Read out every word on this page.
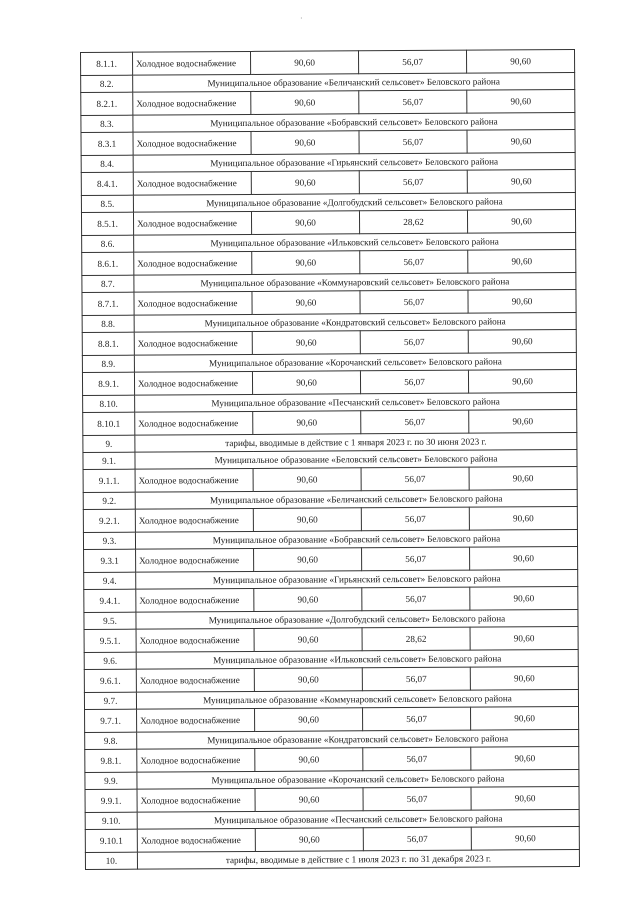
·
8.1.1.	Холодное водоснабжение	90,60	56,07	90,60
8.2.	Муниципальное образование «Беличанский сельсовет» Беловского района			
8.2.1.	Холодное водоснабжение	90,60	56,07	90,60
8.3.	Муниципальное образование «Бобравский сельсовет» Беловского района			
8.3.1	Холодное водоснабжение	90,60	56,07	90,60
8.4.	Муниципальное образование «Гирьянский сельсовет» Беловского района			
8.4.1.	Холодное водоснабжение	90,60	56,07	90,60
8.5.	Муниципальное образование «Долгобудский сельсовет» Беловского района			
8.5.1.	Холодное водоснабжение	90,60	28,62	90,60
8.6.	Муниципальное образование «Ильковский сельсовет» Беловского района			
8.6.1.	Холодное водоснабжение	90,60	56,07	90,60
8.7.	Муниципальное образование «Коммунаровский сельсовет» Беловского района			
8.7.1.	Холодное водоснабжение	90,60	56,07	90,60
8.8.	Муниципальное образование «Кондратовский сельсовет» Беловского района			
8.8.1.	Холодное водоснабжение	90,60	56,07	90,60
8.9.	Муниципальное образование «Корочанский сельсовет» Беловского района			
8.9.1.	Холодное водоснабжение	90,60	56,07	90,60
8.10.	Муниципальное образование «Песчанский сельсовет» Беловского района			
8.10.1	Холодное водоснабжение	90,60	56,07	90,60
9.	тарифы, вводимые в действие с 1 января 2023 г. по 30 июня 2023 г.			
9.1.	Муниципальное образование «Беловский сельсовет» Беловского района			
9.1.1.	Холодное водоснабжение	90,60	56,07	90,60
9.2.	Муниципальное образование «Беличанский сельсовет» Беловского района			
9.2.1.	Холодное водоснабжение	90,60	56,07	90,60
9.3.	Муниципальное образование «Бобравский сельсовет» Беловского района			
9.3.1	Холодное водоснабжение	90,60	56,07	90,60
9.4.	Муниципальное образование «Гирьянский сельсовет» Беловского района			
9.4.1.	Холодное водоснабжение	90,60	56,07	90,60
9.5.	Муниципальное образование «Долгобудский сельсовет» Беловского района			
9.5.1.	Холодное водоснабжение	90,60	28,62	90,60
9.6.	Муниципальное образование «Ильковский сельсовет» Беловского района			
9.6.1.	Холодное водоснабжение	90,60	56,07	90,60
9.7.	Муниципальное образование «Коммунаровский сельсовет» Беловского района			
9.7.1.	Холодное водоснабжение	90,60	56,07	90,60
9.8.	Муниципальное образование «Кондратовский сельсовет» Беловского района			
9.8.1.	Холодное водоснабжение	90,60	56,07	90,60
9.9.	Муниципальное образование «Корочанский сельсовет» Беловского района			
9.9.1.	Холодное водоснабжение	90,60	56,07	90,60
9.10.	Муниципальное образование «Песчанский сельсовет» Беловского района			
9.10.1	Холодное водоснабжение	90,60	56,07	90,60
10.	тарифы, вводимые в действие с 1 июля 2023 г. по 31 декабря 2023 г.			
